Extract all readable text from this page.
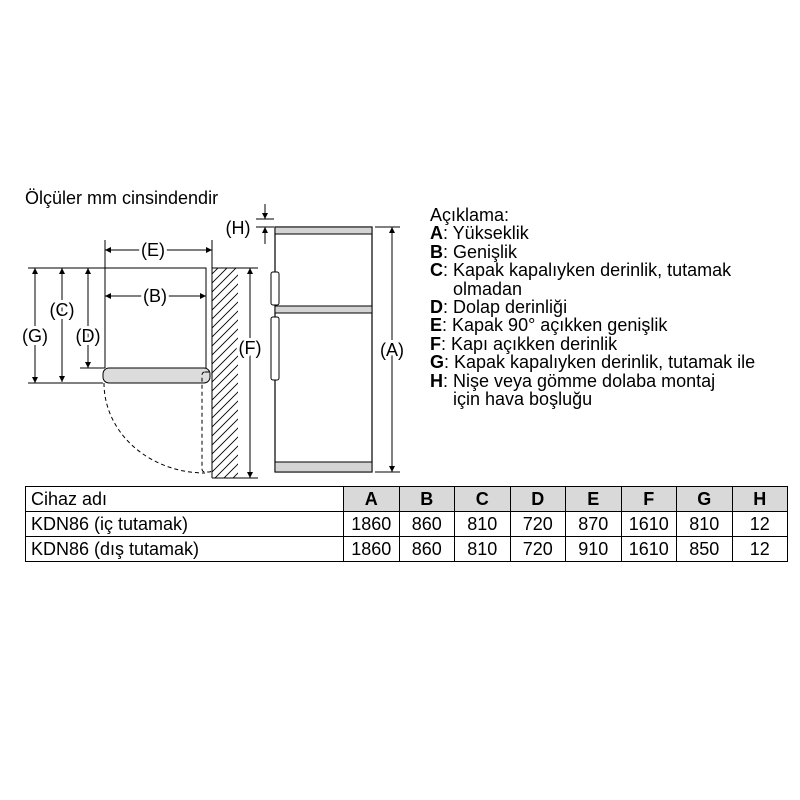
Ölçüler mm cinsindendir
(E)
(B)
(G)
(C)
(D)
(F)
(H)
(A)
Açıklama:
A: Yükseklik
B: Genişlik
C: Kapak kapalıyken derinlik, tutamak
olmadan
D: Dolap derinliği
E: Kapak 90° açıkken genişlik
F: Kapı açıkken derinlik
G: Kapak kapalıyken derinlik, tutamak ile
H: Nişe veya gömme dolaba montaj
için hava boşluğu
Cihaz adı	A	B	C	D	E	F	G	H
KDN86 (iç tutamak)	1860	860	810	720	870	1610	810	12
KDN86 (dış tutamak)	1860	860	810	720	910	1610	850	12
